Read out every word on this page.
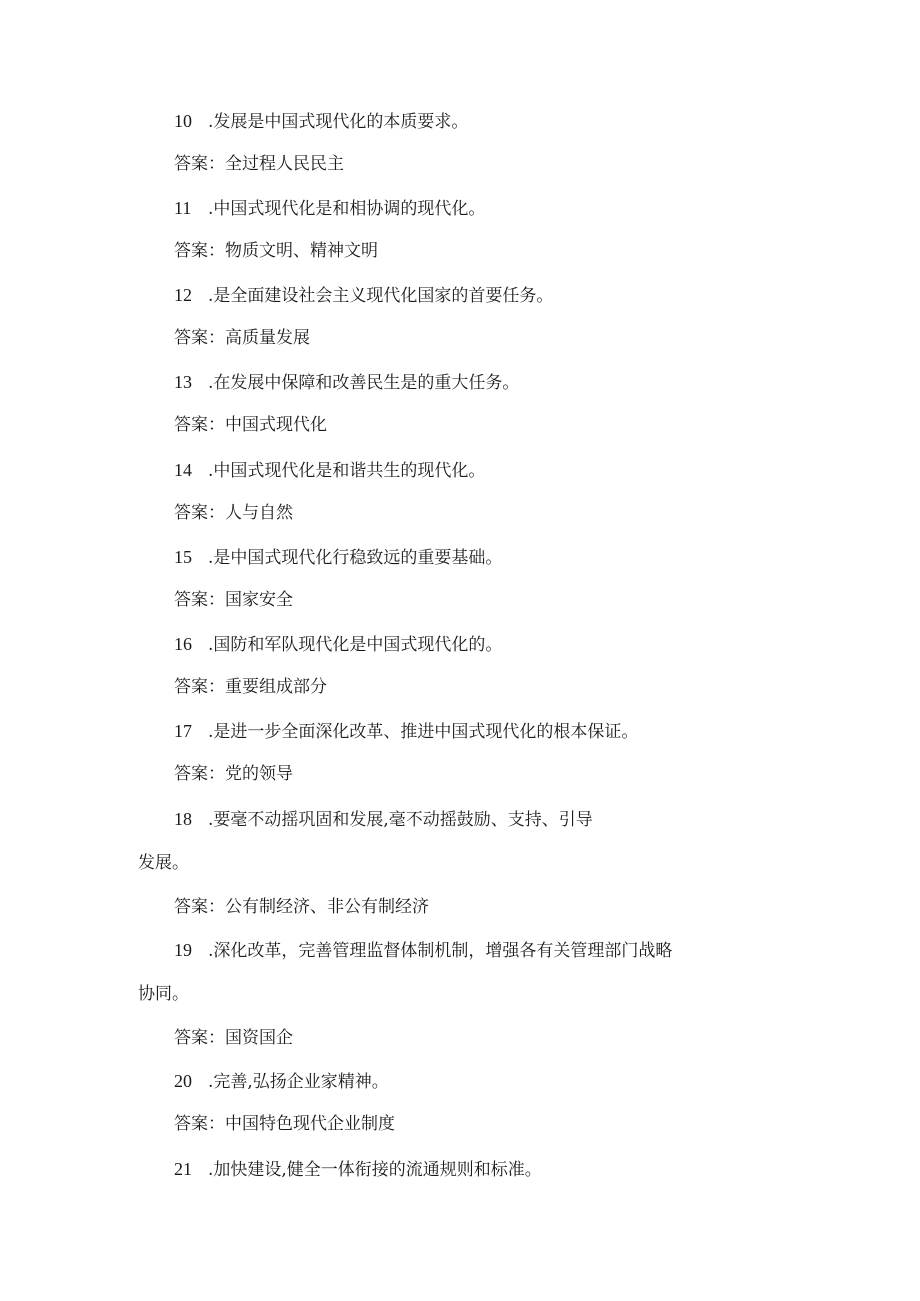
10 .发展是中国式现代化的本质要求。
答案：全过程人民民主
11 .中国式现代化是和相协调的现代化。
答案：物质文明、精神文明
12 .是全面建设社会主义现代化国家的首要任务。
答案：高质量发展
13 .在发展中保障和改善民生是的重大任务。
答案：中国式现代化
14 .中国式现代化是和谐共生的现代化。
答案：人与自然
15 .是中国式现代化行稳致远的重要基础。
答案：国家安全
16 .国防和军队现代化是中国式现代化的。
答案：重要组成部分
17 .是进一步全面深化改革、推进中国式现代化的根本保证。
答案：党的领导
18 .要毫不动摇巩固和发展,毫不动摇鼓励、支持、引导
发展。
答案：公有制经济、非公有制经济
19 .深化改革，完善管理监督体制机制，增强各有关管理部门战略
协同。
答案：国资国企
20 .完善,弘扬企业家精神。
答案：中国特色现代企业制度
21 .加快建设,健全一体衔接的流通规则和标准。
